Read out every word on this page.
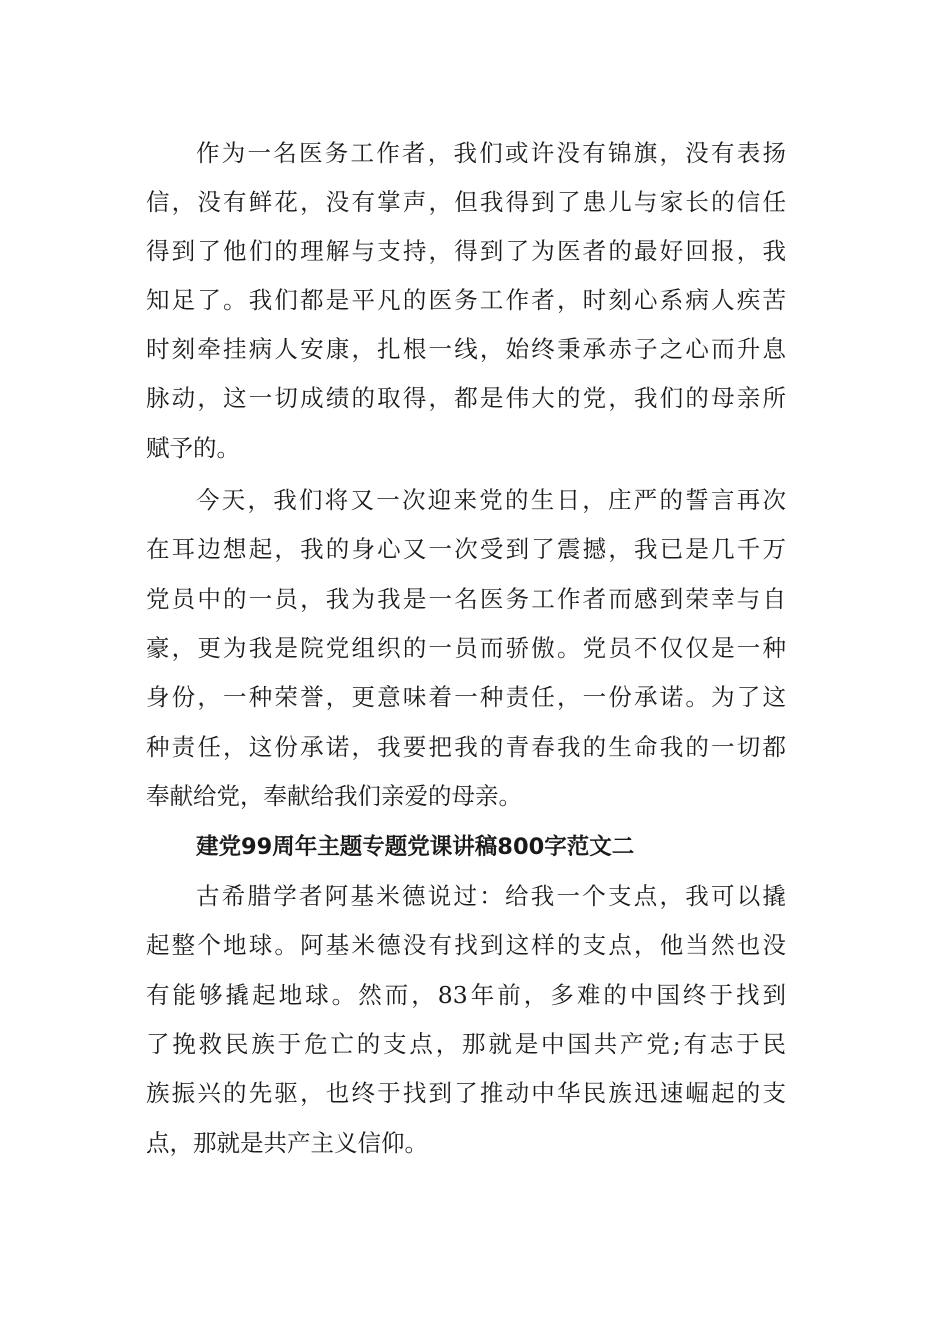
作为一名医务工作者，我们或许没有锦旗，没有表扬
信，没有鲜花，没有掌声，但我得到了患儿与家长的信任
得到了他们的理解与支持，得到了为医者的最好回报，我
知足了。我们都是平凡的医务工作者，时刻心系病人疾苦
时刻牵挂病人安康，扎根一线，始终秉承赤子之心而升息
脉动，这一切成绩的取得，都是伟大的党，我们的母亲所
赋予的。
今天，我们将又一次迎来党的生日，庄严的誓言再次
在耳边想起，我的身心又一次受到了震撼，我已是几千万
党员中的一员，我为我是一名医务工作者而感到荣幸与自
豪，更为我是院党组织的一员而骄傲。党员不仅仅是一种
身份，一种荣誉，更意味着一种责任，一份承诺。为了这
种责任，这份承诺，我要把我的青春我的生命我的一切都
奉献给党，奉献给我们亲爱的母亲。
建党99周年主题专题党课讲稿800字范文二
古希腊学者阿基米德说过：给我一个支点，我可以撬
起整个地球。阿基米德没有找到这样的支点，他当然也没
有能够撬起地球。然而，83年前，多难的中国终于找到
了挽救民族于危亡的支点，那就是中国共产党;有志于民
族振兴的先驱，也终于找到了推动中华民族迅速崛起的支
点，那就是共产主义信仰。
